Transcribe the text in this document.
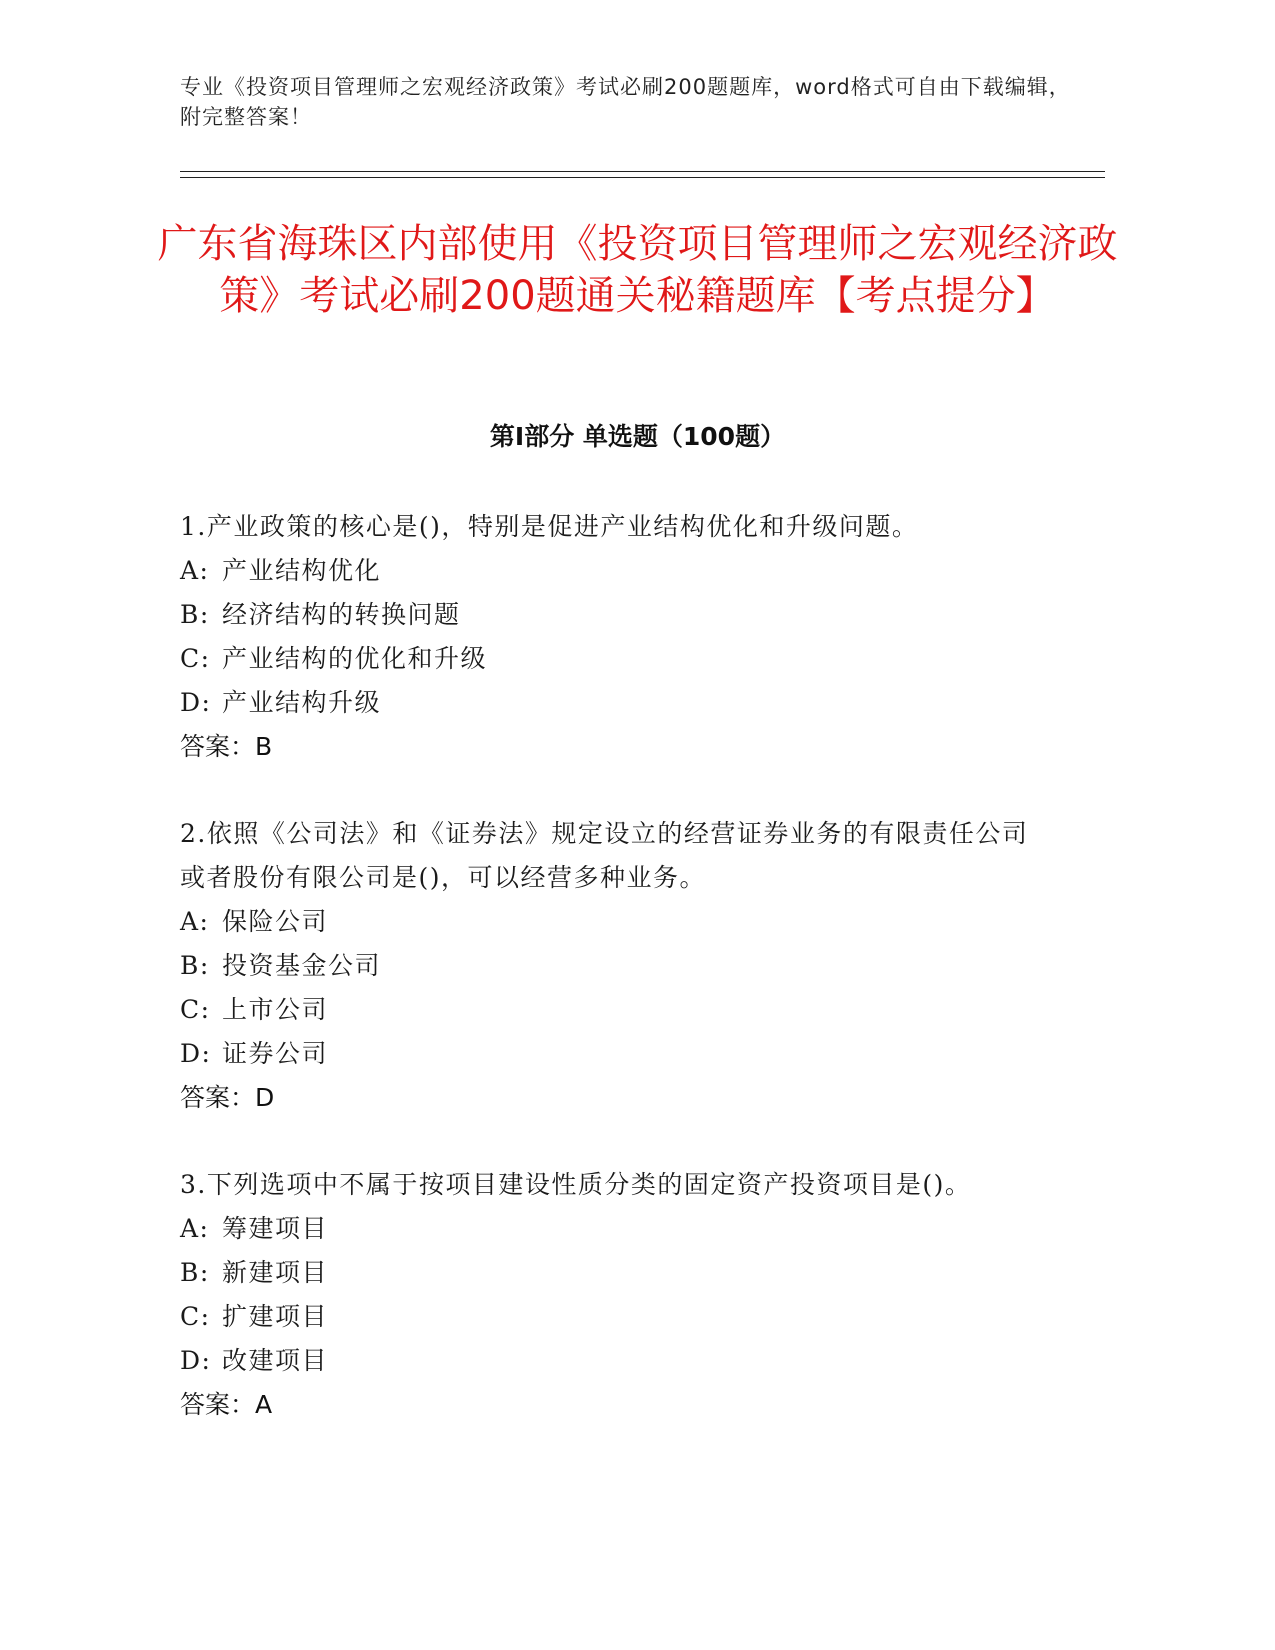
专业《投资项目管理师之宏观经济政策》考试必刷200题题库，word格式可自由下载编辑，附完整答案！
广东省海珠区内部使用《投资项目管理师之宏观经济政策》考试必刷200题通关秘籍题库【考点提分】
第Ⅰ部分 单选题（100题）
1.产业政策的核心是()，特别是促进产业结构优化和升级问题。
A: 产业结构优化
B: 经济结构的转换问题
C: 产业结构的优化和升级
D: 产业结构升级
答案：B
2.依照《公司法》和《证券法》规定设立的经营证券业务的有限责任公司或者股份有限公司是()，可以经营多种业务。
A: 保险公司
B: 投资基金公司
C: 上市公司
D: 证券公司
答案：D
3.下列选项中不属于按项目建设性质分类的固定资产投资项目是()。
A: 筹建项目
B: 新建项目
C: 扩建项目
D: 改建项目
答案：A
